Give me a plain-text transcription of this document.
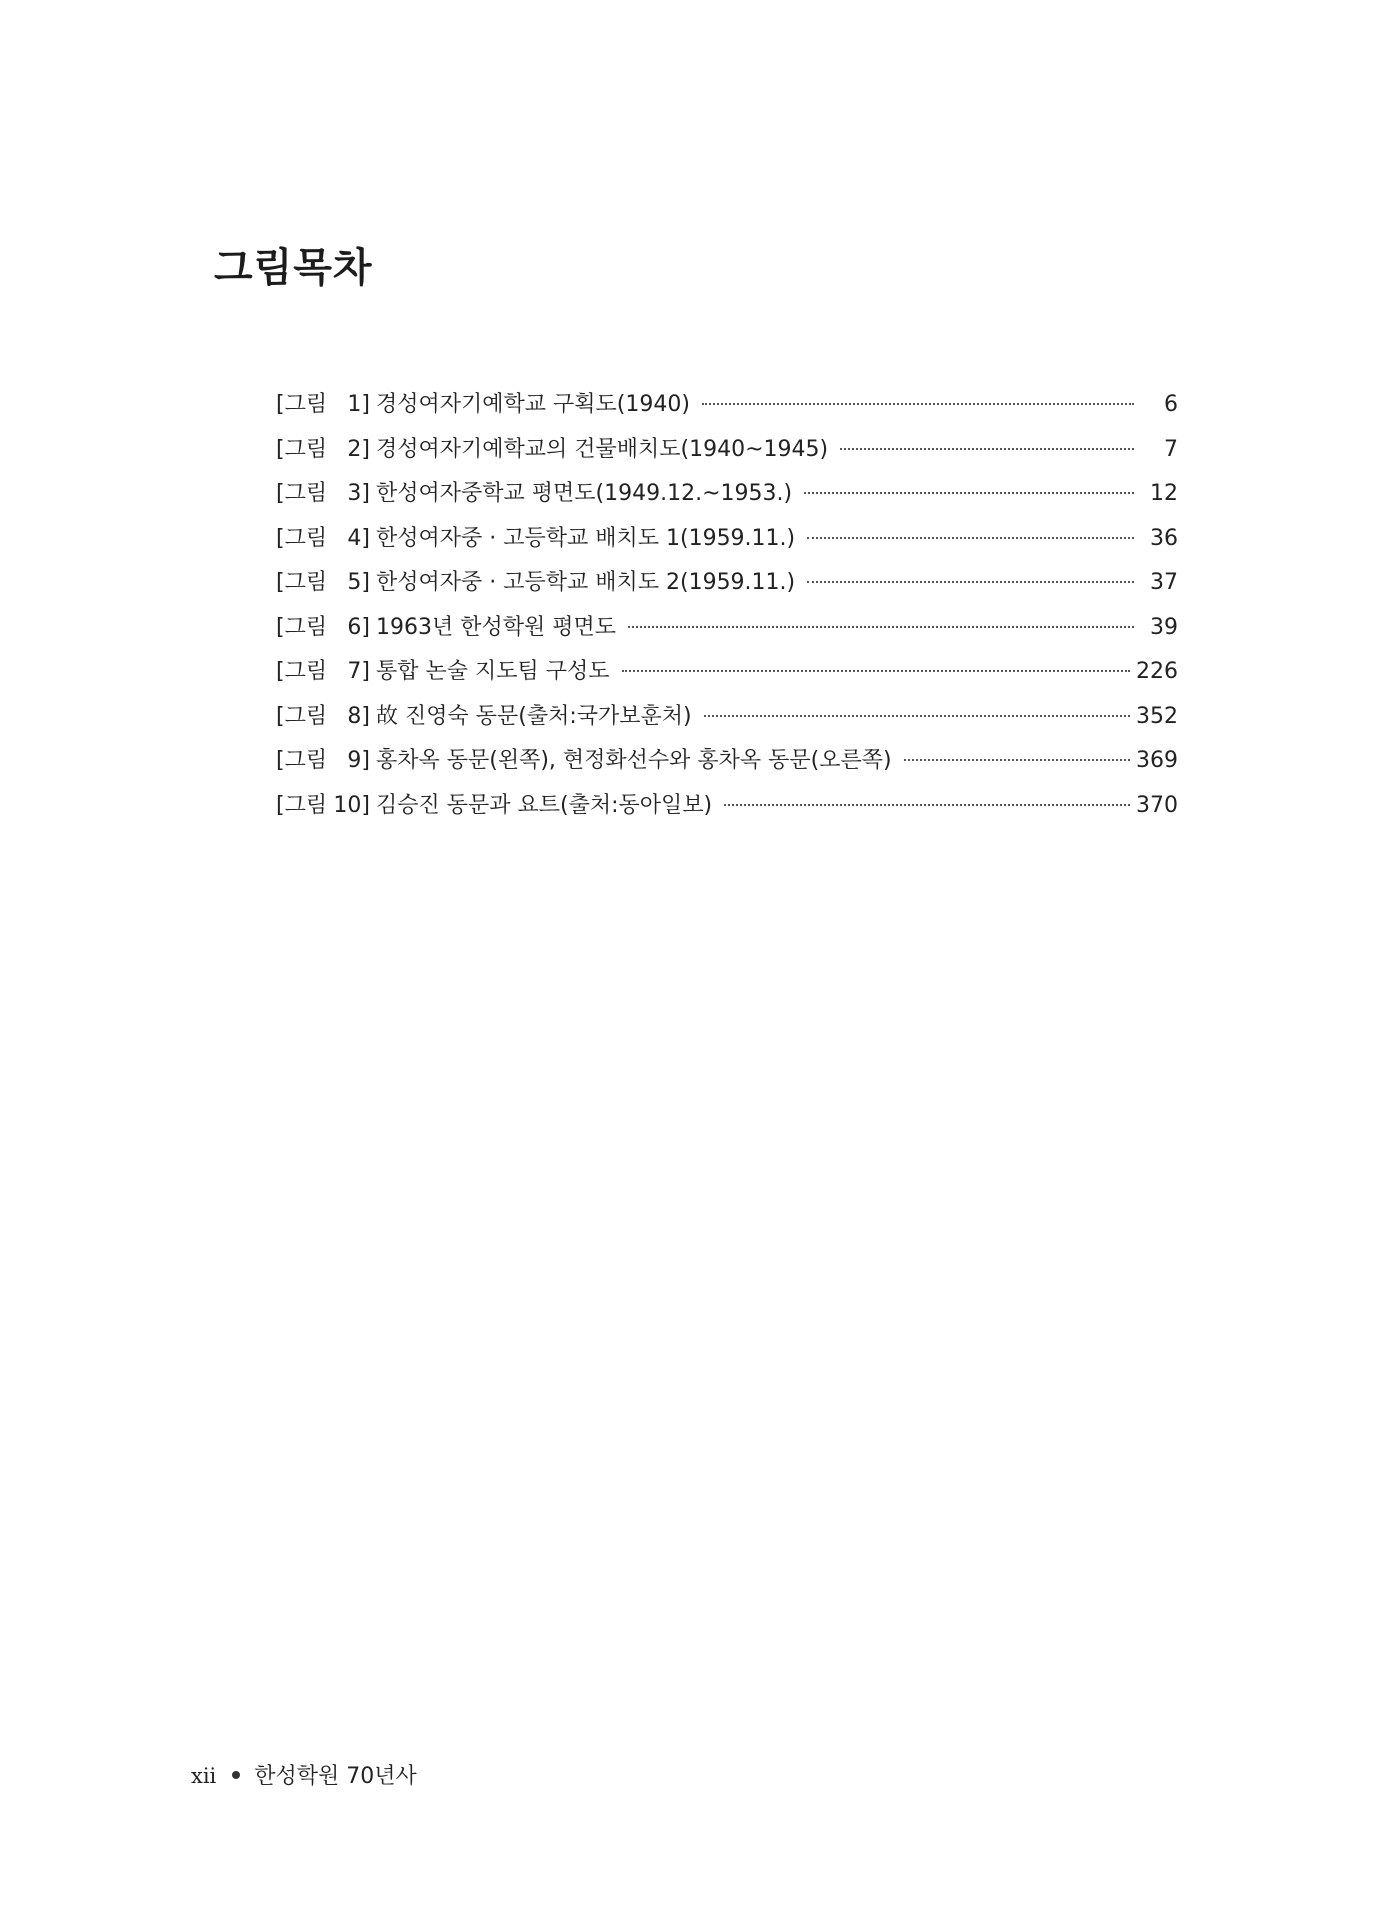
그림목차
[그림 1] 경성여자기예학교 구획도(1940)	6
[그림 2] 경성여자기예학교의 건물배치도(1940~1945)	7
[그림 3] 한성여자중학교 평면도(1949.12.~1953.)	12
[그림 4] 한성여자중 · 고등학교 배치도 1(1959.11.)	36
[그림 5] 한성여자중 · 고등학교 배치도 2(1959.11.)	37
[그림 6] 1963년 한성학원 평면도	39
[그림 7] 통합 논술 지도팀 구성도	226
[그림 8] 故 진영숙 동문(출처:국가보훈처)	352
[그림 9] 홍차옥 동문(왼쪽), 현정화선수와 홍차옥 동문(오른쪽)	369
[그림 10] 김승진 동문과 요트(출처:동아일보)	370
xii 한성학원 70년사
